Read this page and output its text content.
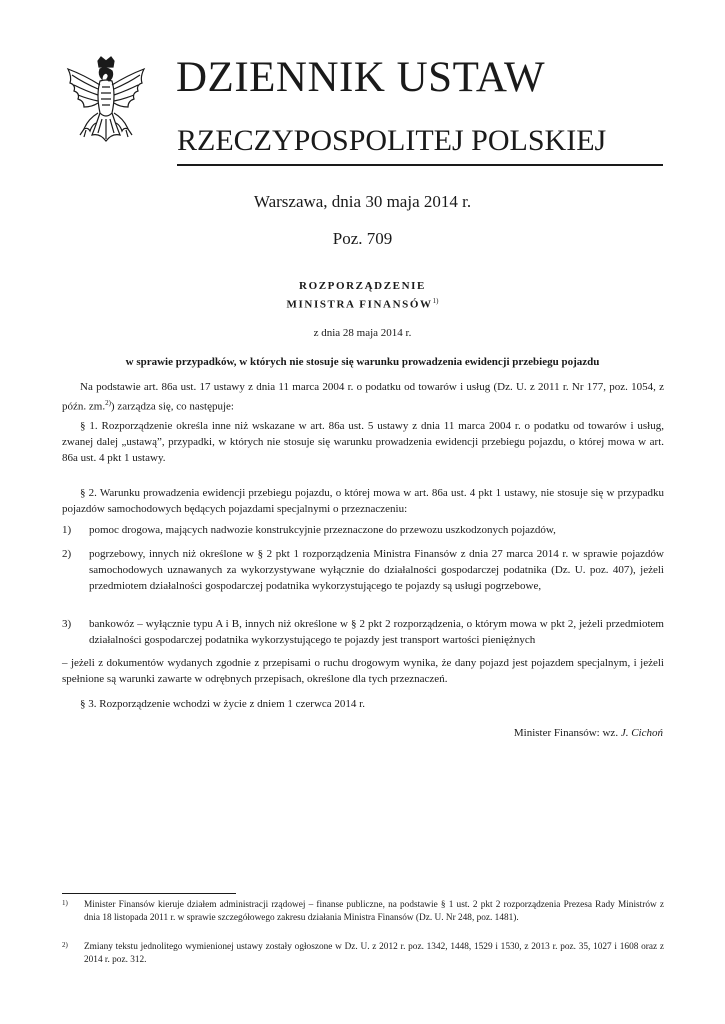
DZIENNIK USTAW
RZECZYPOSPOLITEJ POLSKIEJ
Warszawa, dnia 30 maja 2014 r.
Poz. 709
ROZPORZĄDZENIE
MINISTRA FINANSÓW$^{1)}$
z dnia 28 maja 2014 r.
w sprawie przypadków, w których nie stosuje się warunku prowadzenia ewidencji przebiegu pojazdu
Na podstawie art. 86a ust. 17 ustawy z dnia 11 marca 2004 r. o podatku od towarów i usług (Dz. U. z 2011 r. Nr 177, poz. 1054, z późn. zm.$^{2)}$) zarządza się, co następuje:
§ 1. Rozporządzenie określa inne niż wskazane w art. 86a ust. 5 ustawy z dnia 11 marca 2004 r. o podatku od towarów i usług, zwanej dalej „ustawą”, przypadki, w których nie stosuje się warunku prowadzenia ewidencji przebiegu pojazdu, o której mowa w art. 86a ust. 4 pkt 1 ustawy.
§ 2. Warunku prowadzenia ewidencji przebiegu pojazdu, o której mowa w art. 86a ust. 4 pkt 1 ustawy, nie stosuje się w przypadku pojazdów samochodowych będących pojazdami specjalnymi o przeznaczeniu:
1) pomoc drogowa, mających nadwozie konstrukcyjnie przeznaczone do przewozu uszkodzonych pojazdów,
2) pogrzebowy, innych niż określone w § 2 pkt 1 rozporządzenia Ministra Finansów z dnia 27 marca 2014 r. w sprawie pojazdów samochodowych uznawanych za wykorzystywane wyłącznie do działalności gospodarczej podatnika (Dz. U. poz. 407), jeżeli przedmiotem działalności gospodarczej podatnika wykorzystującego te pojazdy są usługi pogrzebowe,
3) bankowóz – wyłącznie typu A i B, innych niż określone w § 2 pkt 2 rozporządzenia, o którym mowa w pkt 2, jeżeli przedmiotem działalności gospodarczej podatnika wykorzystującego te pojazdy jest transport wartości pieniężnych
– jeżeli z dokumentów wydanych zgodnie z przepisami o ruchu drogowym wynika, że dany pojazd jest pojazdem specjalnym, i jeżeli spełnione są warunki zawarte w odrębnych przepisach, określone dla tych przeznaczeń.
§ 3. Rozporządzenie wchodzi w życie z dniem 1 czerwca 2014 r.
Minister Finansów: wz. J. Cichoń
1) Minister Finansów kieruje działem administracji rządowej – finanse publiczne, na podstawie § 1 ust. 2 pkt 2 rozporządzenia Prezesa Rady Ministrów z dnia 18 listopada 2011 r. w sprawie szczegółowego zakresu działania Ministra Finansów (Dz. U. Nr 248, poz. 1481).
2) Zmiany tekstu jednolitego wymienionej ustawy zostały ogłoszone w Dz. U. z 2012 r. poz. 1342, 1448, 1529 i 1530, z 2013 r. poz. 35, 1027 i 1608 oraz z 2014 r. poz. 312.
